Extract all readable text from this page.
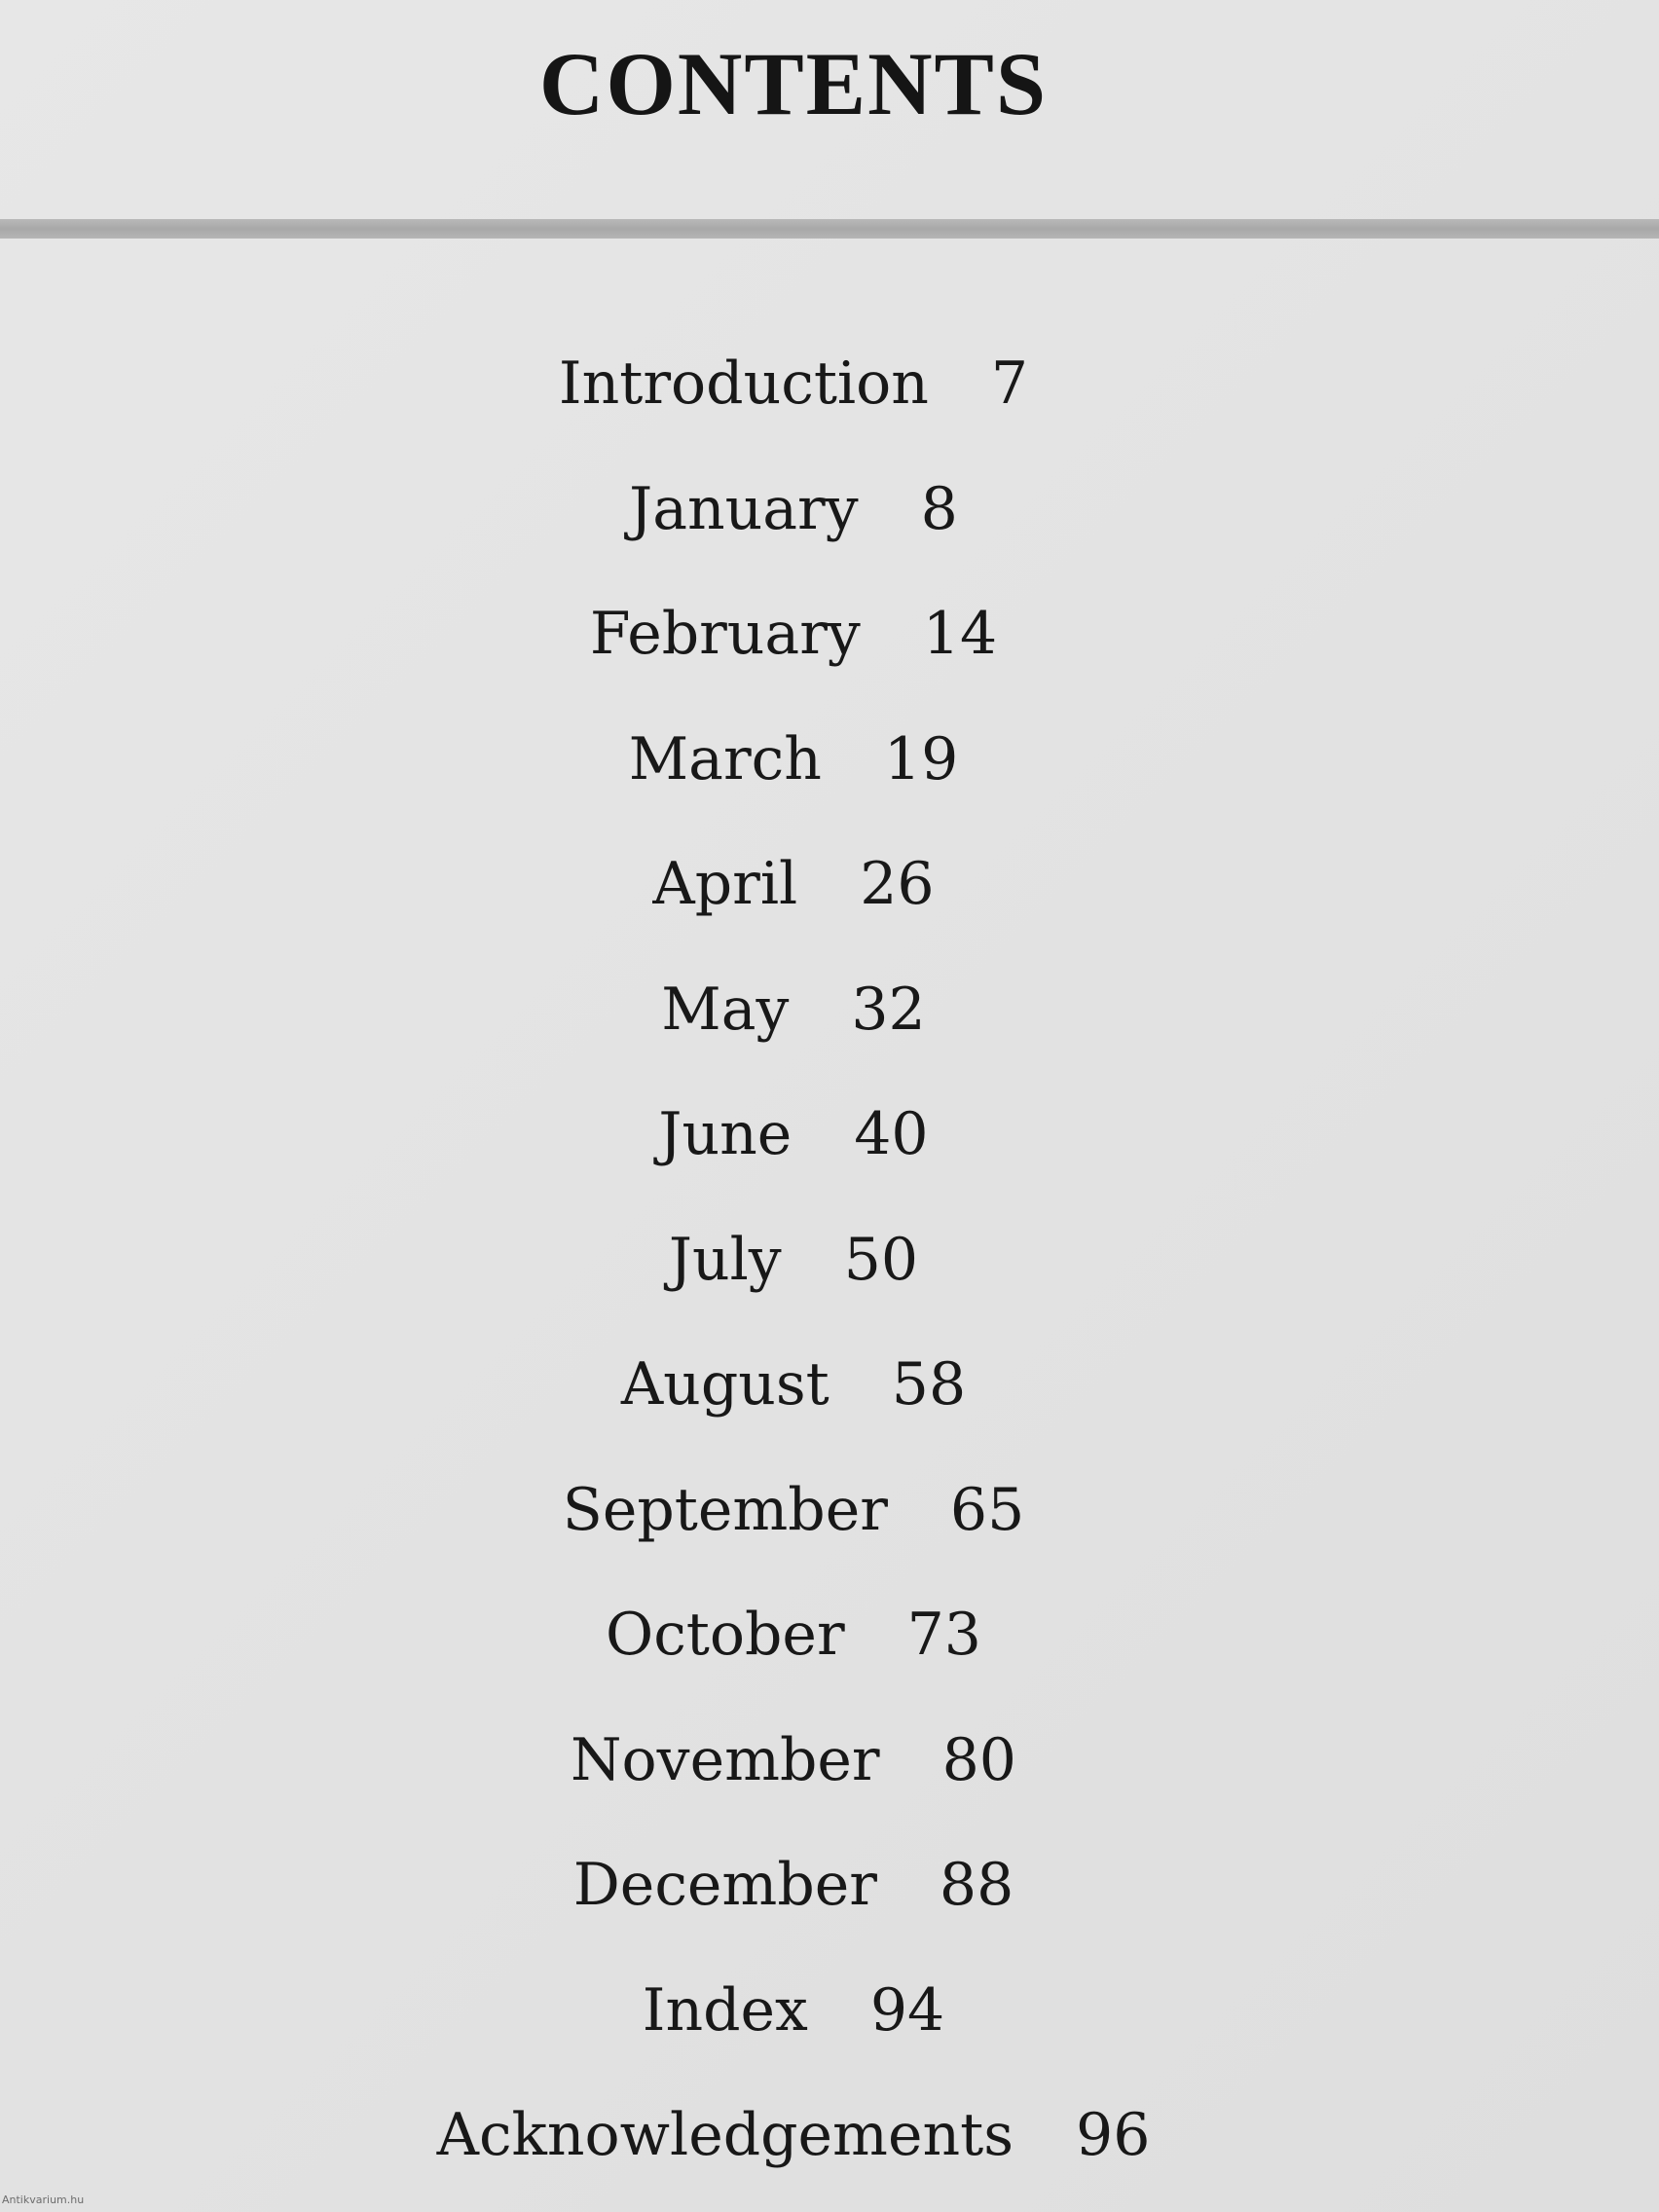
CONTENTS
Introduction 7
January 8
February 14
March 19
April 26
May 32
June 40
July 50
August 58
September 65
October 73
November 80
December 88
Index 94
Acknowledgements 96
Antikvarium.hu
